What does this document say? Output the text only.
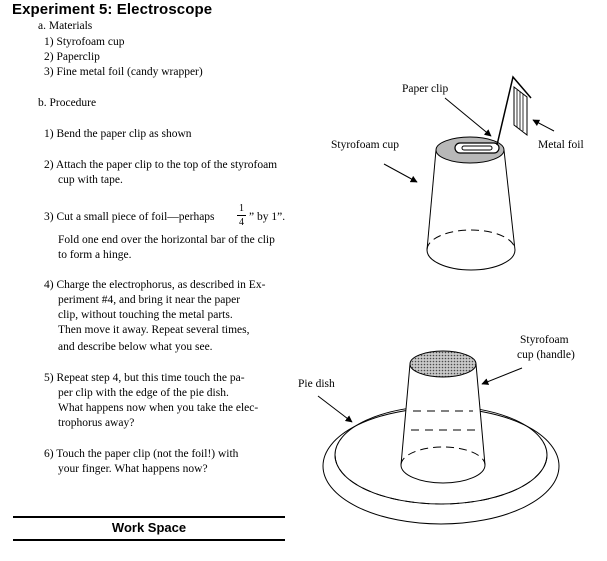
Experiment 5: Electroscope
a. Materials
1) Styrofoam cup
2) Paperclip
3) Fine metal foil (candy wrapper)
b. Procedure
1) Bend the paper clip as shown
2) Attach the paper clip to the top of the styrofoam
cup with tape.
3) Cut a small piece of foil—perhaps
1
4 ” by 1”.
Fold one end over the horizontal bar of the clip
to form a hinge.
4) Charge the electrophorus, as described in Ex-
periment #4, and bring it near the paper
clip, without touching the metal parts.
Then move it away. Repeat several times,
and describe below what you see.
5) Repeat step 4, but this time touch the pa-
per clip with the edge of the pie dish.
What happens now when you take the elec-
trophorus away?
6) Touch the paper clip (not the foil!) with
your finger. What happens now?
Work Space
Paper clip
Styrofoam cup	Metal foil
Styrofoam
cup (handle)
Pie dish
